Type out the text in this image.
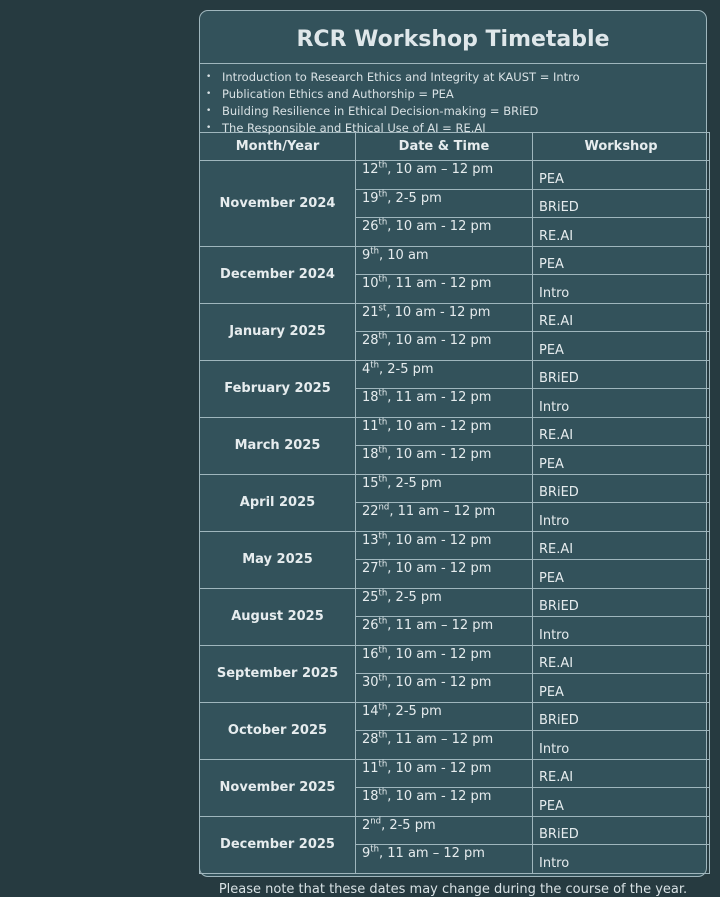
RCR Workshop Timetable
• Introduction to Research Ethics and Integrity at KAUST = Intro
• Publication Ethics and Authorship = PEA
• Building Resilience in Ethical Decision-making = BRiED
• The Responsible and Ethical Use of AI = RE.AI
Month/Year	Date & Time	Workshop
November 2024	12th, 10 am – 12 pm	PEA
	19th, 2-5 pm	BRiED
	26th, 10 am - 12 pm	RE.AI
December 2024	9th, 10 am	PEA
	10th, 11 am - 12 pm	Intro
January 2025	21st, 10 am - 12 pm	RE.AI
	28th, 10 am - 12 pm	PEA
February 2025	4th, 2-5 pm	BRiED
	18th, 11 am - 12 pm	Intro
March 2025	11th, 10 am - 12 pm	RE.AI
	18th, 10 am - 12 pm	PEA
April 2025	15th, 2-5 pm	BRiED
	22nd, 11 am – 12 pm	Intro
May 2025	13th, 10 am - 12 pm	RE.AI
	27th, 10 am - 12 pm	PEA
August 2025	25th, 2-5 pm	BRiED
	26th, 11 am – 12 pm	Intro
September 2025	16th, 10 am - 12 pm	RE.AI
	30th, 10 am - 12 pm	PEA
October 2025	14th, 2-5 pm	BRiED
	28th, 11 am – 12 pm	Intro
November 2025	11th, 10 am - 12 pm	RE.AI
	18th, 10 am - 12 pm	PEA
December 2025	2nd, 2-5 pm	BRiED
	9th, 11 am – 12 pm	Intro
Please note that these dates may change during the course of the year.
